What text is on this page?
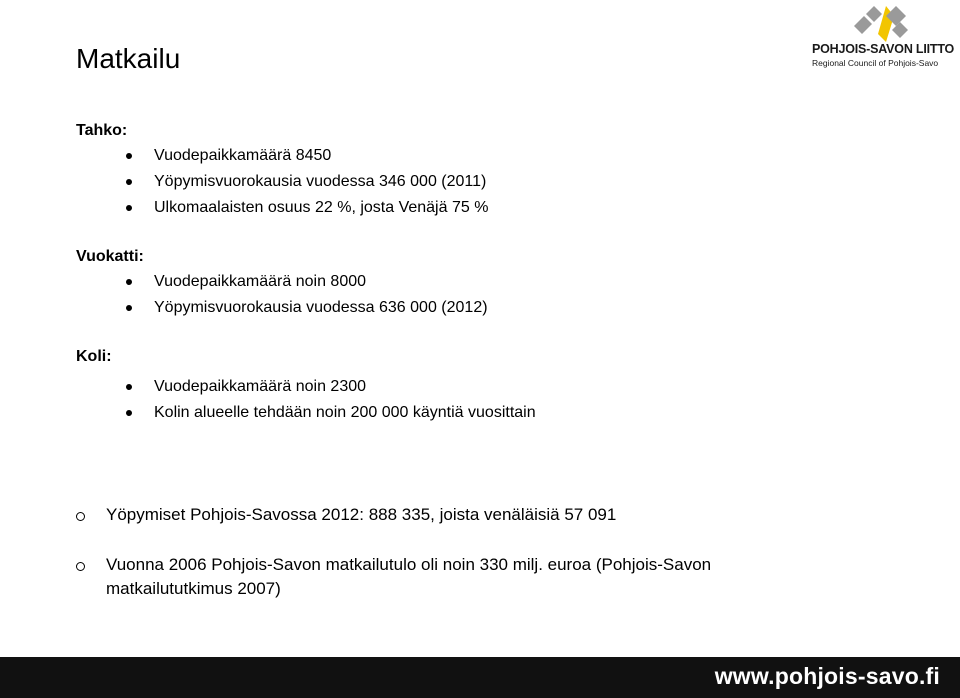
Matkailu	POHJOIS-SAVON LIITTO
Regional Council of Pohjois-Savo
Tahko:
Vuodepaikkamäärä 8450
Yöpymisvuorokausia vuodessa 346 000 (2011)
Ulkomaalaisten osuus 22 %, josta Venäjä 75 %
Vuokatti:
Vuodepaikkamäärä noin 8000
Yöpymisvuorokausia vuodessa 636 000 (2012)
Koli:
Vuodepaikkamäärä noin 2300
Kolin alueelle tehdään noin 200 000 käyntiä vuosittain
Yöpymiset Pohjois-Savossa 2012: 888 335, joista venäläisiä 57 091
Vuonna 2006 Pohjois-Savon matkailutulo oli noin 330 milj. euroa (Pohjois-Savon matkailututkimus 2007)
www.pohjois-savo.fi
